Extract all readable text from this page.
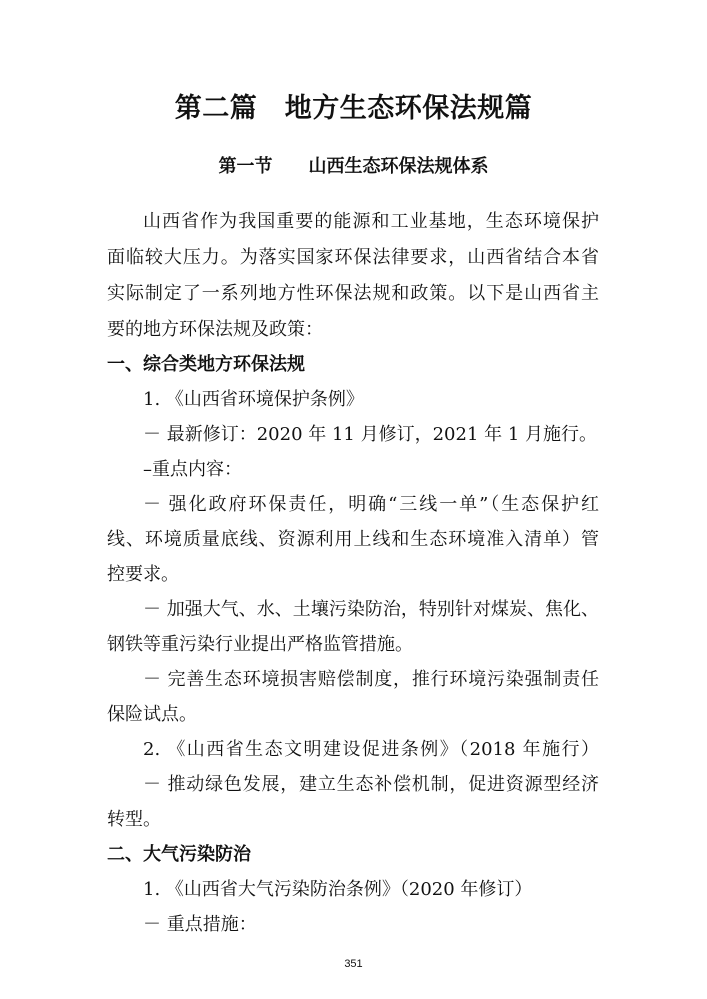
第二篇　地方生态环保法规篇
第一节　　山西生态环保法规体系
山西省作为我国重要的能源和工业基地，生态环境保护
面临较大压力。为落实国家环保法律要求，山西省结合本省
实际制定了一系列地方性环保法规和政策。以下是山西省主
要的地方环保法规及政策：
一、综合类地方环保法规
1. 《山西省环境保护条例》
－ 最新修订：2020 年 11 月修订，2021 年 1 月施行。
–重点内容：
－ 强化政府环保责任，明确“三线一单”（生态保护红
线、环境质量底线、资源利用上线和生态环境准入清单）管
控要求。
－ 加强大气、水、土壤污染防治，特别针对煤炭、焦化、
钢铁等重污染行业提出严格监管措施。
－ 完善生态环境损害赔偿制度，推行环境污染强制责任
保险试点。
2. 《山西省生态文明建设促进条例》（2018 年施行）
－ 推动绿色发展，建立生态补偿机制，促进资源型经济
转型。
二、大气污染防治
1. 《山西省大气污染防治条例》（2020 年修订）
－ 重点措施：
351
